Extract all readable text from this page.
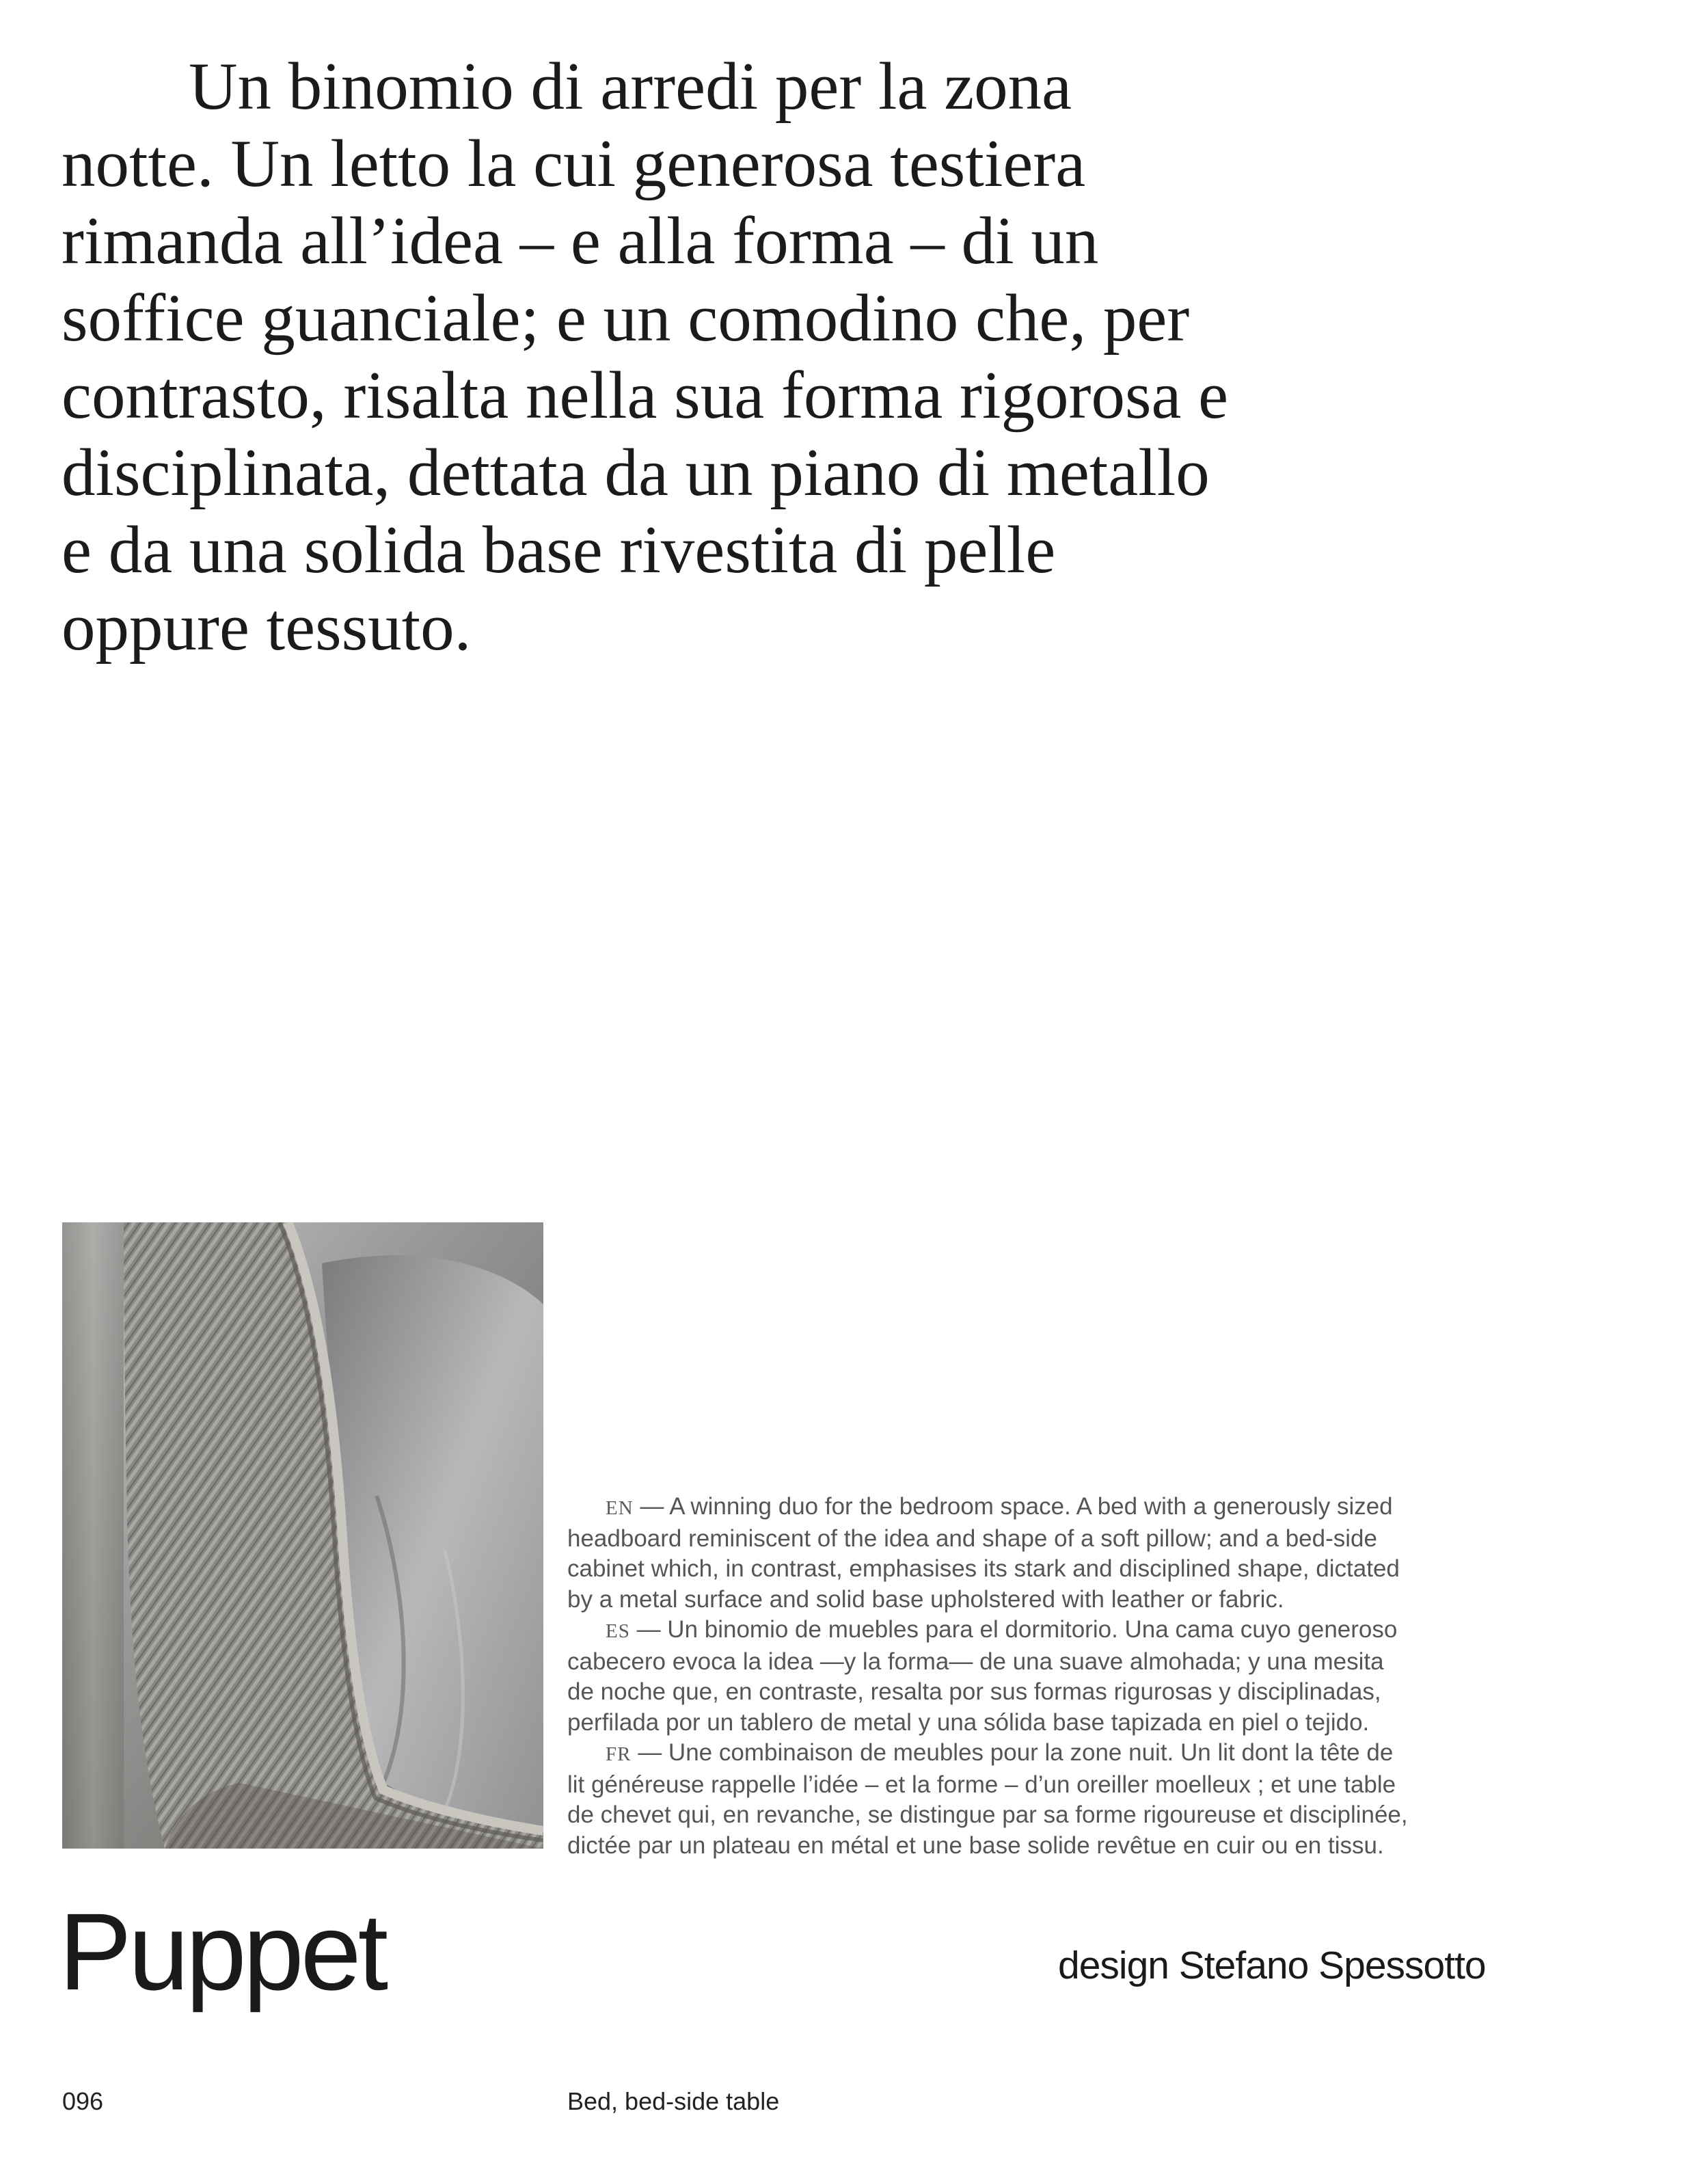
Un binomio di arredi per la zona
notte. Un letto la cui generosa testiera
rimanda all’idea – e alla forma – di un
soffice guanciale; e un comodino che, per
contrasto, risalta nella sua forma rigorosa e
disciplinata, dettata da un piano di metallo
e da una solida base rivestita di pelle
oppure tessuto.

EN — A winning duo for the bedroom space. A bed with a generously sized
headboard reminiscent of the idea and shape of a soft pillow; and a bed-side
cabinet which, in contrast, emphasises its stark and disciplined shape, dictated
by a metal surface and solid base upholstered with leather or fabric.

ES — Un binomio de muebles para el dormitorio. Una cama cuyo generoso
cabecero evoca la idea —y la forma— de una suave almohada; y una mesita
de noche que, en contraste, resalta por sus formas rigurosas y disciplinadas,
perfilada por un tablero de metal y una sólida base tapizada en piel o tejido.

FR — Une combinaison de meubles pour la zone nuit. Un lit dont la tête de
lit généreuse rappelle l’idée – et la forme – d’un oreiller moelleux ; et une table
de chevet qui, en revanche, se distingue par sa forme rigoureuse et disciplinée,
dictée par un plateau en métal et une base solide revêtue en cuir ou en tissu.

Puppet	design Stefano Spessotto
096	Bed, bed-side table
